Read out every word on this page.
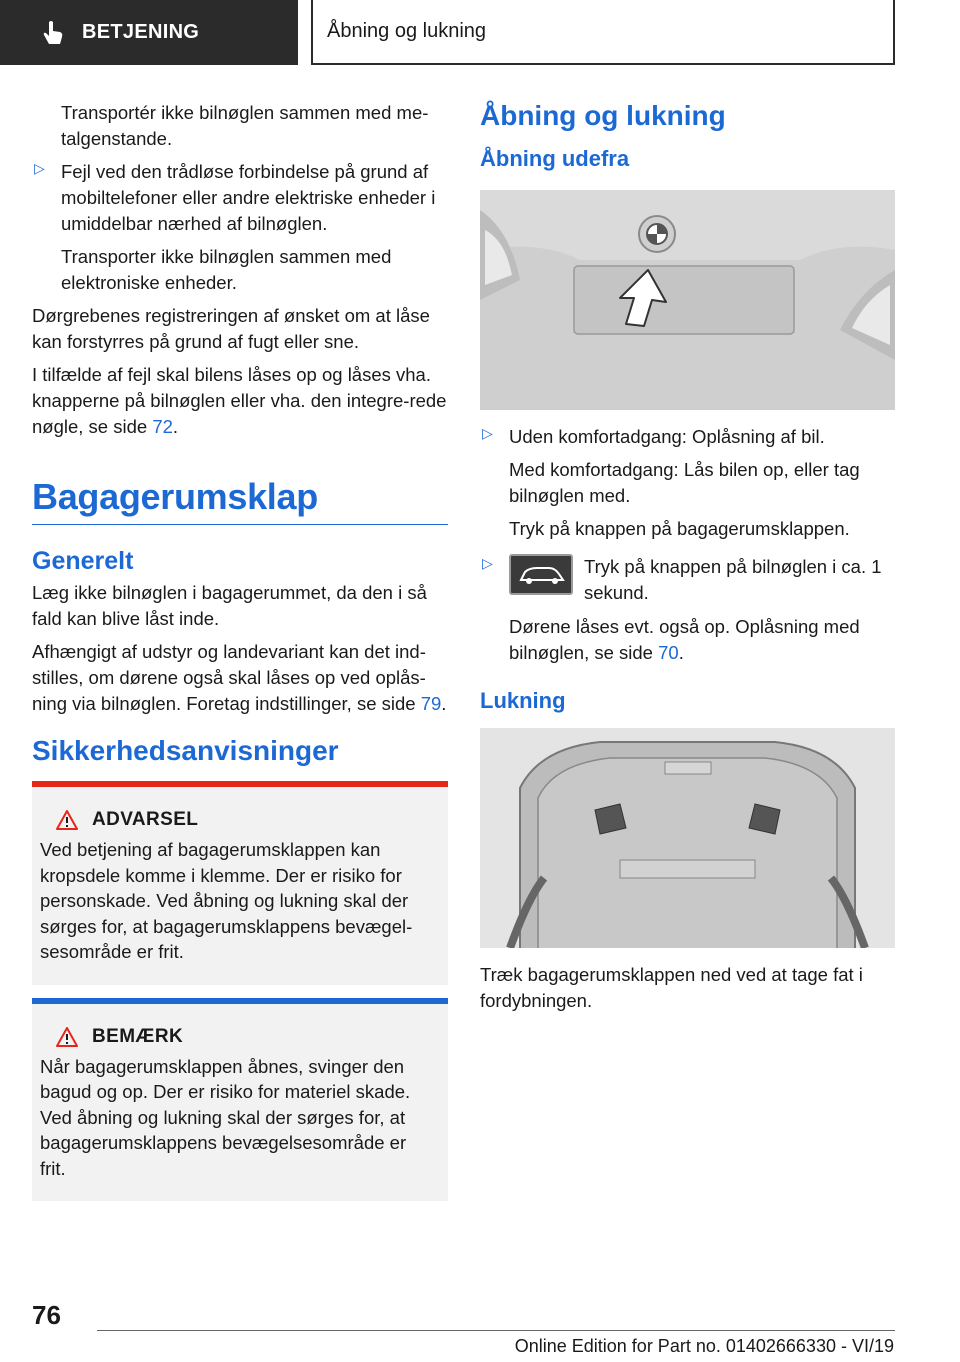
BETJENING	Åbning og lukning

Transportér ikke bilnøglen sammen med me-talgenstande.

▷ Fejl ved den trådløse forbindelse på grund af mobiltelefoner eller andre elektriske enheder i umiddelbar nærhed af bilnøglen.

Transporter ikke bilnøglen sammen med elektroniske enheder.

Dørgrebenes registreringen af ønsket om at låse kan forstyrres på grund af fugt eller sne.

I tilfælde af fejl skal bilens låses op og låses vha. knapperne på bilnøglen eller vha. den integre-rede nøgle, se side 72.

Bagagerumsklap
Generelt

Læg ikke bilnøglen i bagagerummet, da den i så fald kan blive låst inde.

Afhængigt af udstyr og landevariant kan det ind-stilles, om dørene også skal låses op ved oplås-ning via bilnøglen. Foretag indstillinger, se side 79.

Sikkerhedsanvisninger
ADVARSEL

Ved betjening af bagagerumsklappen kan kropsdele komme i klemme. Der er risiko for personskade. Ved åbning og lukning skal der sørges for, at bagagerumsklappens bevægel-sesområde er frit.

BEMÆRK

Når bagagerumsklappen åbnes, svinger den bagud og op. Der er risiko for materiel skade. Ved åbning og lukning skal der sørges for, at bagagerumsklappens bevægelsesområde er frit.

Åbning og lukning
Åbning udefra
▷ Uden komfortadgang: Oplåsning af bil.

Med komfortadgang: Lås bilen op, eller tag bilnøglen med.

Tryk på knappen på bagagerumsklappen.

▷	Tryk på knappen på bilnøglen i ca. 1 sekund.

Dørene låses evt. også op. Oplåsning med bilnøglen, se side 70.

Lukning

Træk bagagerumsklappen ned ved at tage fat i fordybningen.

76
Online Edition for Part no. 01402666330 - VI/19
